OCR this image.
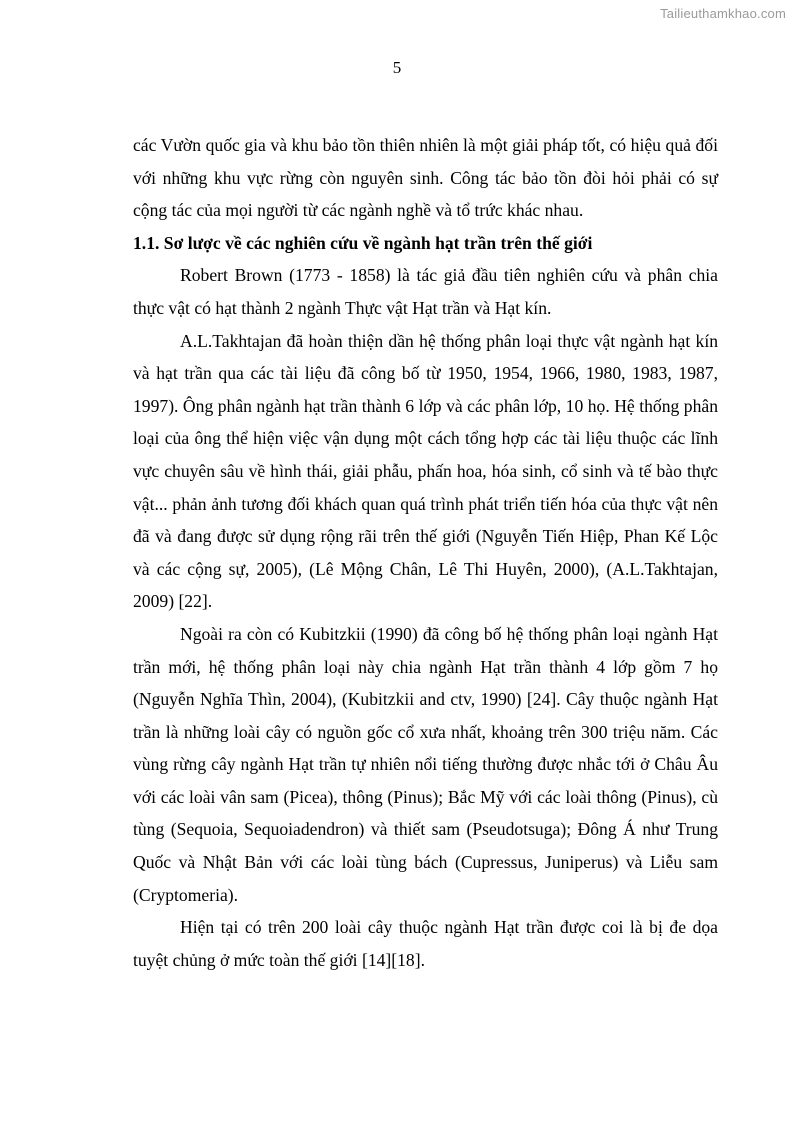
Tailieuthamkhao.com
5

các Vườn quốc gia và khu bảo tồn thiên nhiên là một giải pháp tốt, có hiệu quả đối với những khu vực rừng còn nguyên sinh. Công tác bảo tồn đòi hỏi phải có sự cộng tác của mọi người từ các ngành nghề và tổ trức khác nhau.

1.1. Sơ lược về các nghiên cứu về ngành hạt trần trên thế giới

Robert Brown (1773 - 1858) là tác giả đầu tiên nghiên cứu và phân chia thực vật có hạt thành 2 ngành Thực vật Hạt trần và Hạt kín.

A.L.Takhtajan đã hoàn thiện dần hệ thống phân loại thực vật ngành hạt kín và hạt trần qua các tài liệu đã công bố từ 1950, 1954, 1966, 1980, 1983, 1987, 1997). Ông phân ngành hạt trần thành 6 lớp và các phân lớp, 10 họ. Hệ thống phân loại của ông thể hiện việc vận dụng một cách tổng hợp các tài liệu thuộc các lĩnh vực chuyên sâu về hình thái, giải phẫu, phấn hoa, hóa sinh, cổ sinh và tế bào thực vật... phản ảnh tương đối khách quan quá trình phát triển tiến hóa của thực vật nên đã và đang được sử dụng rộng rãi trên thế giới (Nguyễn Tiến Hiệp, Phan Kế Lộc và các cộng sự, 2005), (Lê Mộng Chân, Lê Thi Huyên, 2000), (A.L.Takhtajan, 2009) [22].

Ngoài ra còn có Kubitzkii (1990) đã công bố hệ thống phân loại ngành Hạt trần mới, hệ thống phân loại này chia ngành Hạt trần thành 4 lớp gồm 7 họ (Nguyễn Nghĩa Thìn, 2004), (Kubitzkii and ctv, 1990) [24]. Cây thuộc ngành Hạt trần là những loài cây có nguồn gốc cổ xưa nhất, khoảng trên 300 triệu năm. Các vùng rừng cây ngành Hạt trần tự nhiên nổi tiếng thường được nhắc tới ở Châu Âu với các loài vân sam (Picea), thông (Pinus); Bắc Mỹ với các loài thông (Pinus), cù tùng (Sequoia, Sequoiadendron) và thiết sam (Pseudotsuga); Đông Á như Trung Quốc và Nhật Bản với các loài tùng bách (Cupressus, Juniperus) và Liễu sam (Cryptomeria).

Hiện tại có trên 200 loài cây thuộc ngành Hạt trần được coi là bị đe dọa tuyệt chủng ở mức toàn thế giới [14][18].
